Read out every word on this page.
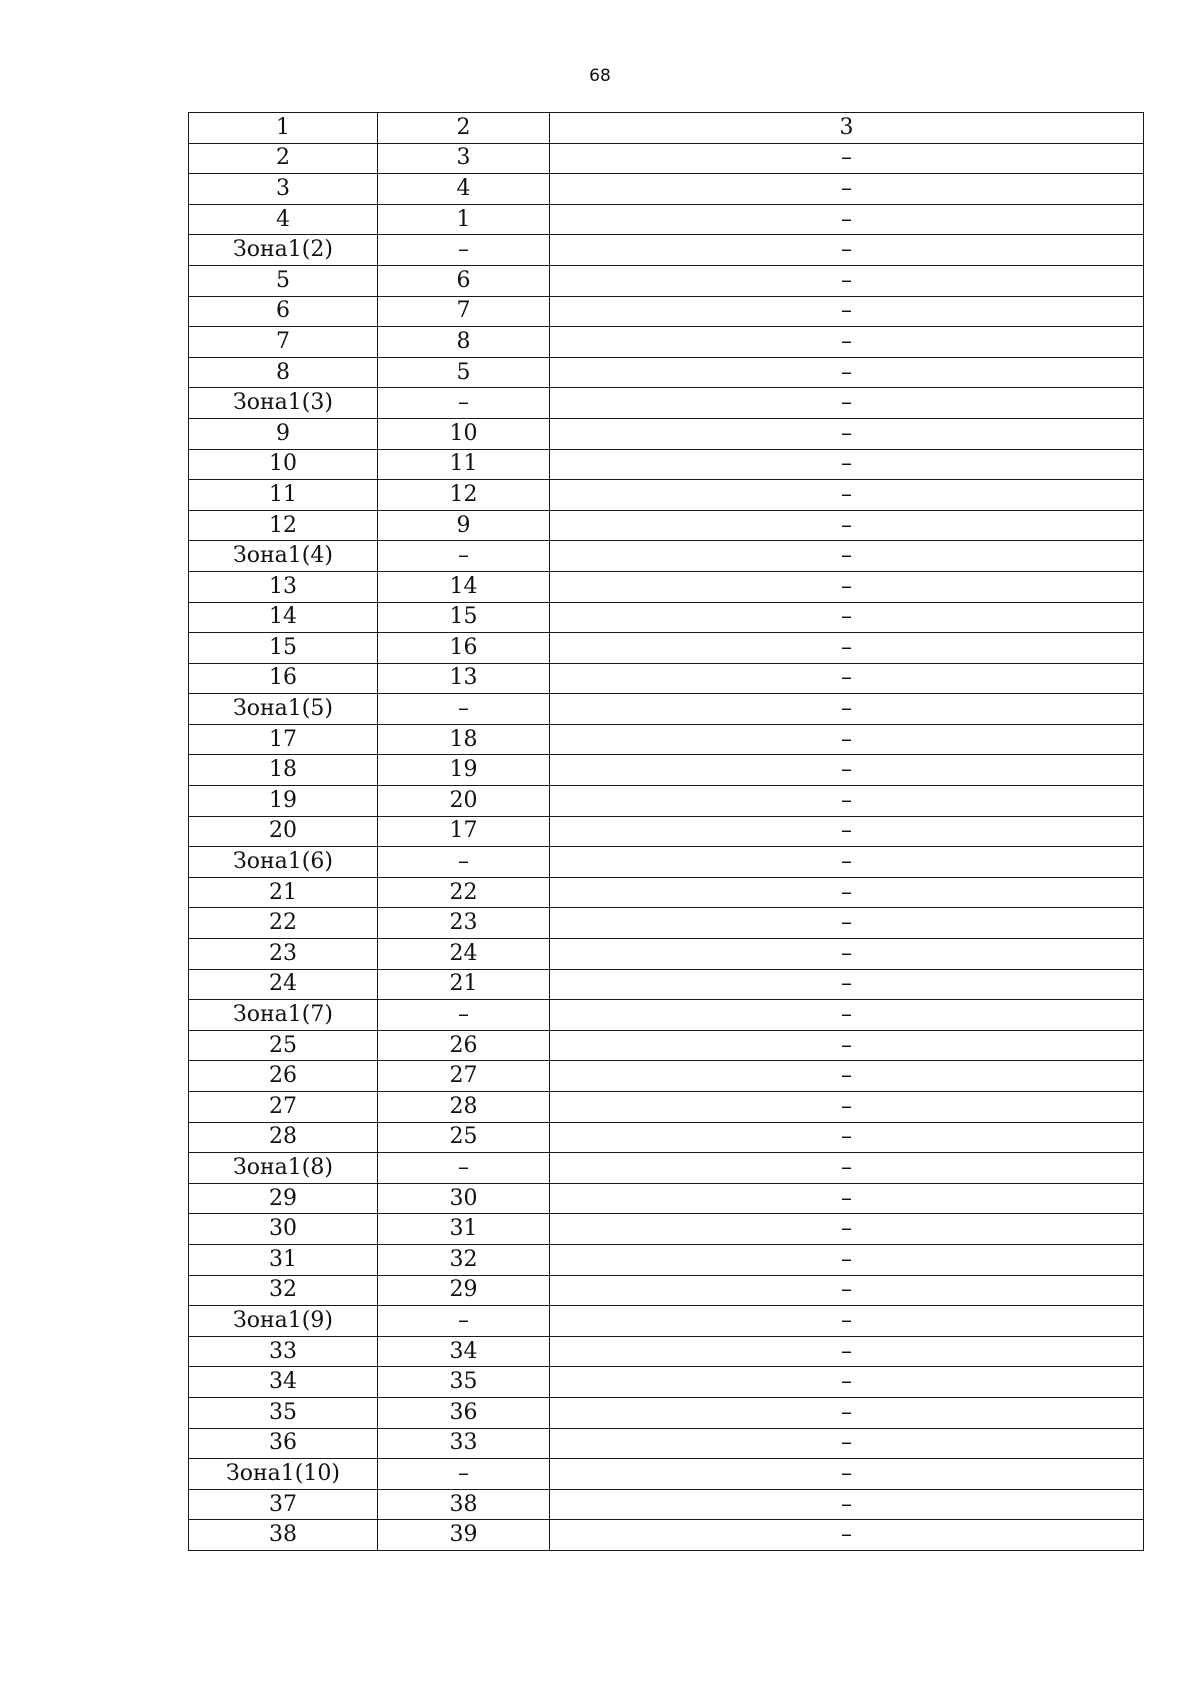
68
1	2	3
2	3	–
3	4	–
4	1	–
Зона1(2)	–	–
5	6	–
6	7	–
7	8	–
8	5	–
Зона1(3)	–	–
9	10	–
10	11	–
11	12	–
12	9	–
Зона1(4)	–	–
13	14	–
14	15	–
15	16	–
16	13	–
Зона1(5)	–	–
17	18	–
18	19	–
19	20	–
20	17	–
Зона1(6)	–	–
21	22	–
22	23	–
23	24	–
24	21	–
Зона1(7)	–	–
25	26	–
26	27	–
27	28	–
28	25	–
Зона1(8)	–	–
29	30	–
30	31	–
31	32	–
32	29	–
Зона1(9)	–	–
33	34	–
34	35	–
35	36	–
36	33	–
Зона1(10)	–	–
37	38	–
38	39	–
